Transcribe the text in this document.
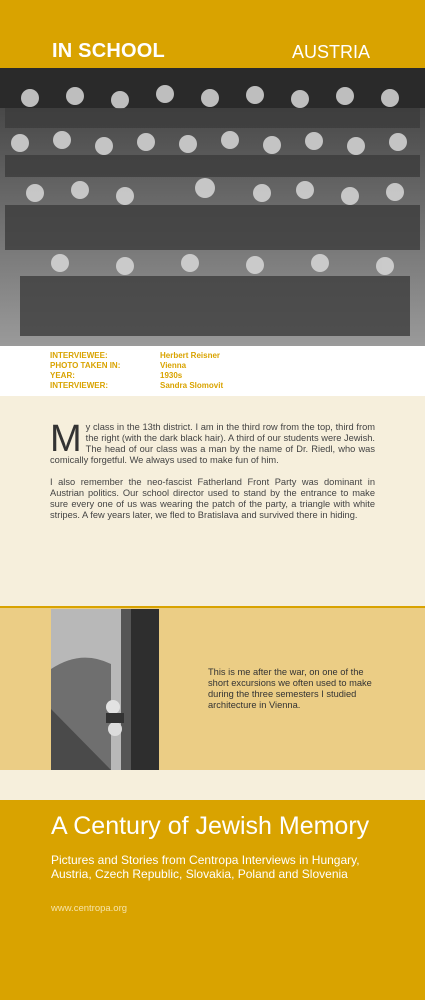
IN SCHOOL	AUSTRIA
INTERVIEWEE:	Herbert Reisner
PHOTO TAKEN IN:	Vienna
YEAR:	1930s
INTERVIEWER:	Sandra Slomovit

My class in the 13th district. I am in the third row from the top, third from the right (with the dark black hair). A third of our students were Jewish. The head of our class was a man by the name of Dr. Riedl, who was comically forgetful. We always used to make fun of him.

I also remember the neo-fascist Fatherland Front Party was dominant in Austrian politics. Our school director used to stand by the entrance to make sure every one of us was wearing the patch of the party, a triangle with white stripes. A few years later, we fled to Bratislava and survived there in hiding.

This is me after the war, on one of the short excursions we often used to make during the three semesters I studied architecture in Vienna.
A Century of Jewish Memory
Pictures and Stories from Centropa Interviews in Hungary, Austria, Czech Republic, Slovakia, Poland and Slovenia
www.centropa.org
